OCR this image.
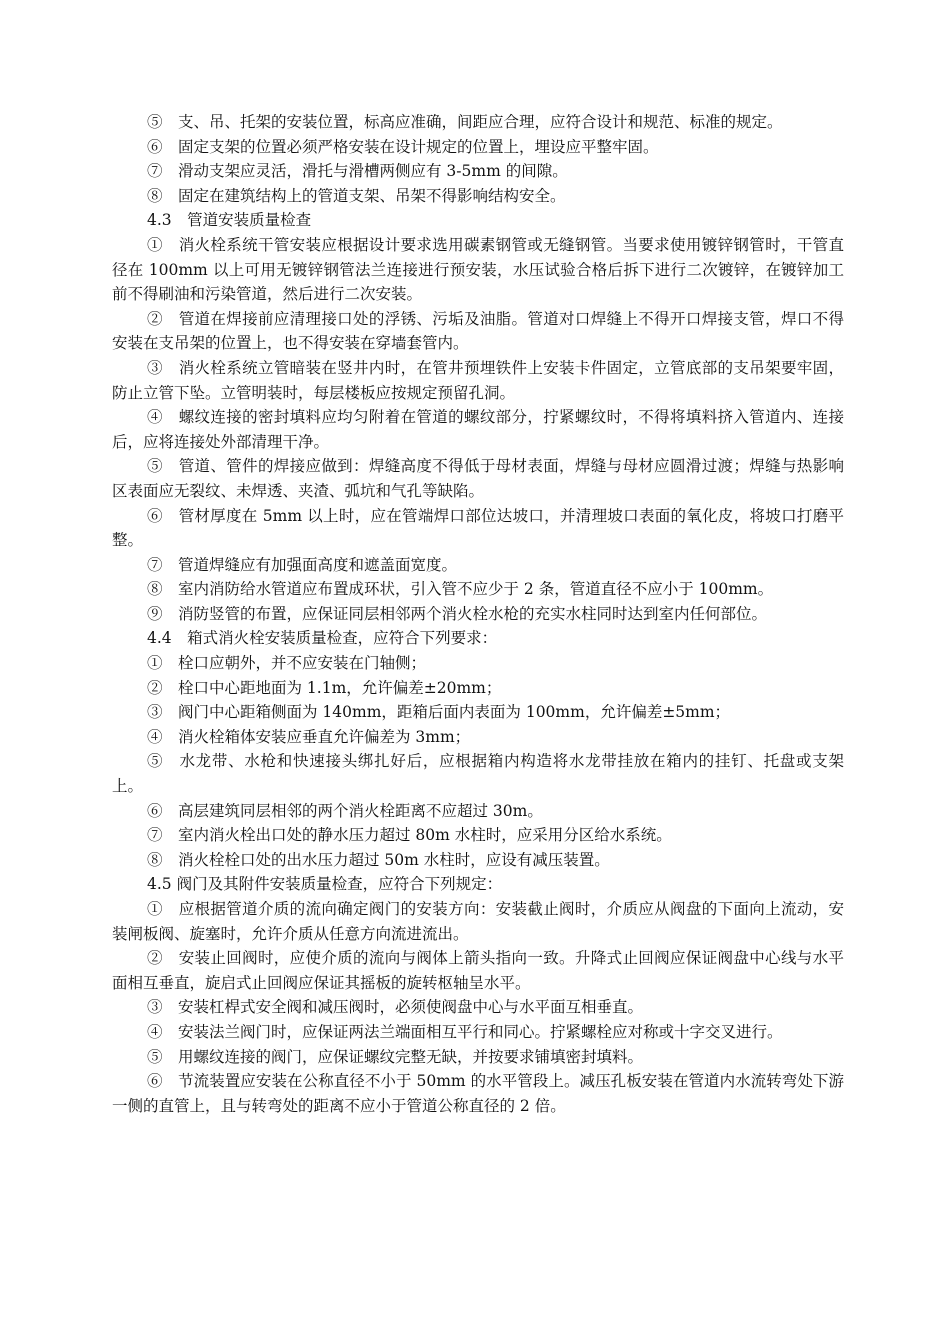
⑤　支、吊、托架的安装位置，标高应准确，间距应合理，应符合设计和规范、标准的规定。

⑥　固定支架的位置必须严格安装在设计规定的位置上，埋设应平整牢固。

⑦　滑动支架应灵活，滑托与滑槽两侧应有 3-5mm 的间隙。

⑧　固定在建筑结构上的管道支架、吊架不得影响结构安全。

4.3　管道安装质量检查

①　消火栓系统干管安装应根据设计要求选用碳素钢管或无缝钢管。当要求使用镀锌钢管时，干管直径在 100mm 以上可用无镀锌钢管法兰连接进行预安装，水压试验合格后拆下进行二次镀锌，在镀锌加工前不得刷油和污染管道，然后进行二次安装。

②　管道在焊接前应清理接口处的浮锈、污垢及油脂。管道对口焊缝上不得开口焊接支管，焊口不得安装在支吊架的位置上，也不得安装在穿墙套管内。

③　消火栓系统立管暗装在竖井内时，在管井预埋铁件上安装卡件固定，立管底部的支吊架要牢固，防止立管下坠。立管明装时，每层楼板应按规定预留孔洞。

④　螺纹连接的密封填料应均匀附着在管道的螺纹部分，拧紧螺纹时，不得将填料挤入管道内、连接后，应将连接处外部清理干净。

⑤　管道、管件的焊接应做到：焊缝高度不得低于母材表面，焊缝与母材应圆滑过渡；焊缝与热影响区表面应无裂纹、未焊透、夹渣、弧坑和气孔等缺陷。

⑥　管材厚度在 5mm 以上时，应在管端焊口部位达坡口，并清理坡口表面的氧化皮，将坡口打磨平整。

⑦　管道焊缝应有加强面高度和遮盖面宽度。

⑧　室内消防给水管道应布置成环状，引入管不应少于 2 条，管道直径不应小于 100mm。

⑨　消防竖管的布置，应保证同层相邻两个消火栓水枪的充实水柱同时达到室内任何部位。

4.4　箱式消火栓安装质量检查，应符合下列要求：

①　栓口应朝外，并不应安装在门轴侧；

②　栓口中心距地面为 1.1m，允许偏差±20mm；

③　阀门中心距箱侧面为 140mm，距箱后面内表面为 100mm，允许偏差±5mm；

④　消火栓箱体安装应垂直允许偏差为 3mm；

⑤　水龙带、水枪和快速接头绑扎好后，应根据箱内构造将水龙带挂放在箱内的挂钉、托盘或支架上。

⑥　高层建筑同层相邻的两个消火栓距离不应超过 30m。

⑦　室内消火栓出口处的静水压力超过 80m 水柱时，应采用分区给水系统。

⑧　消火栓栓口处的出水压力超过 50m 水柱时，应设有减压装置。

4.5 阀门及其附件安装质量检查，应符合下列规定：

①　应根据管道介质的流向确定阀门的安装方向：安装截止阀时，介质应从阀盘的下面向上流动，安装闸板阀、旋塞时，允许介质从任意方向流进流出。

②　安装止回阀时，应使介质的流向与阀体上箭头指向一致。升降式止回阀应保证阀盘中心线与水平面相互垂直，旋启式止回阀应保证其摇板的旋转枢轴呈水平。

③　安装杠桿式安全阀和减压阀时，必须使阀盘中心与水平面互相垂直。

④　安装法兰阀门时，应保证两法兰端面相互平行和同心。拧紧螺栓应对称或十字交叉进行。

⑤　用螺纹连接的阀门，应保证螺纹完整无缺，并按要求铺填密封填料。

⑥　节流装置应安装在公称直径不小于 50mm 的水平管段上。减压孔板安装在管道内水流转弯处下游一侧的直管上，且与转弯处的距离不应小于管道公称直径的 2 倍。
